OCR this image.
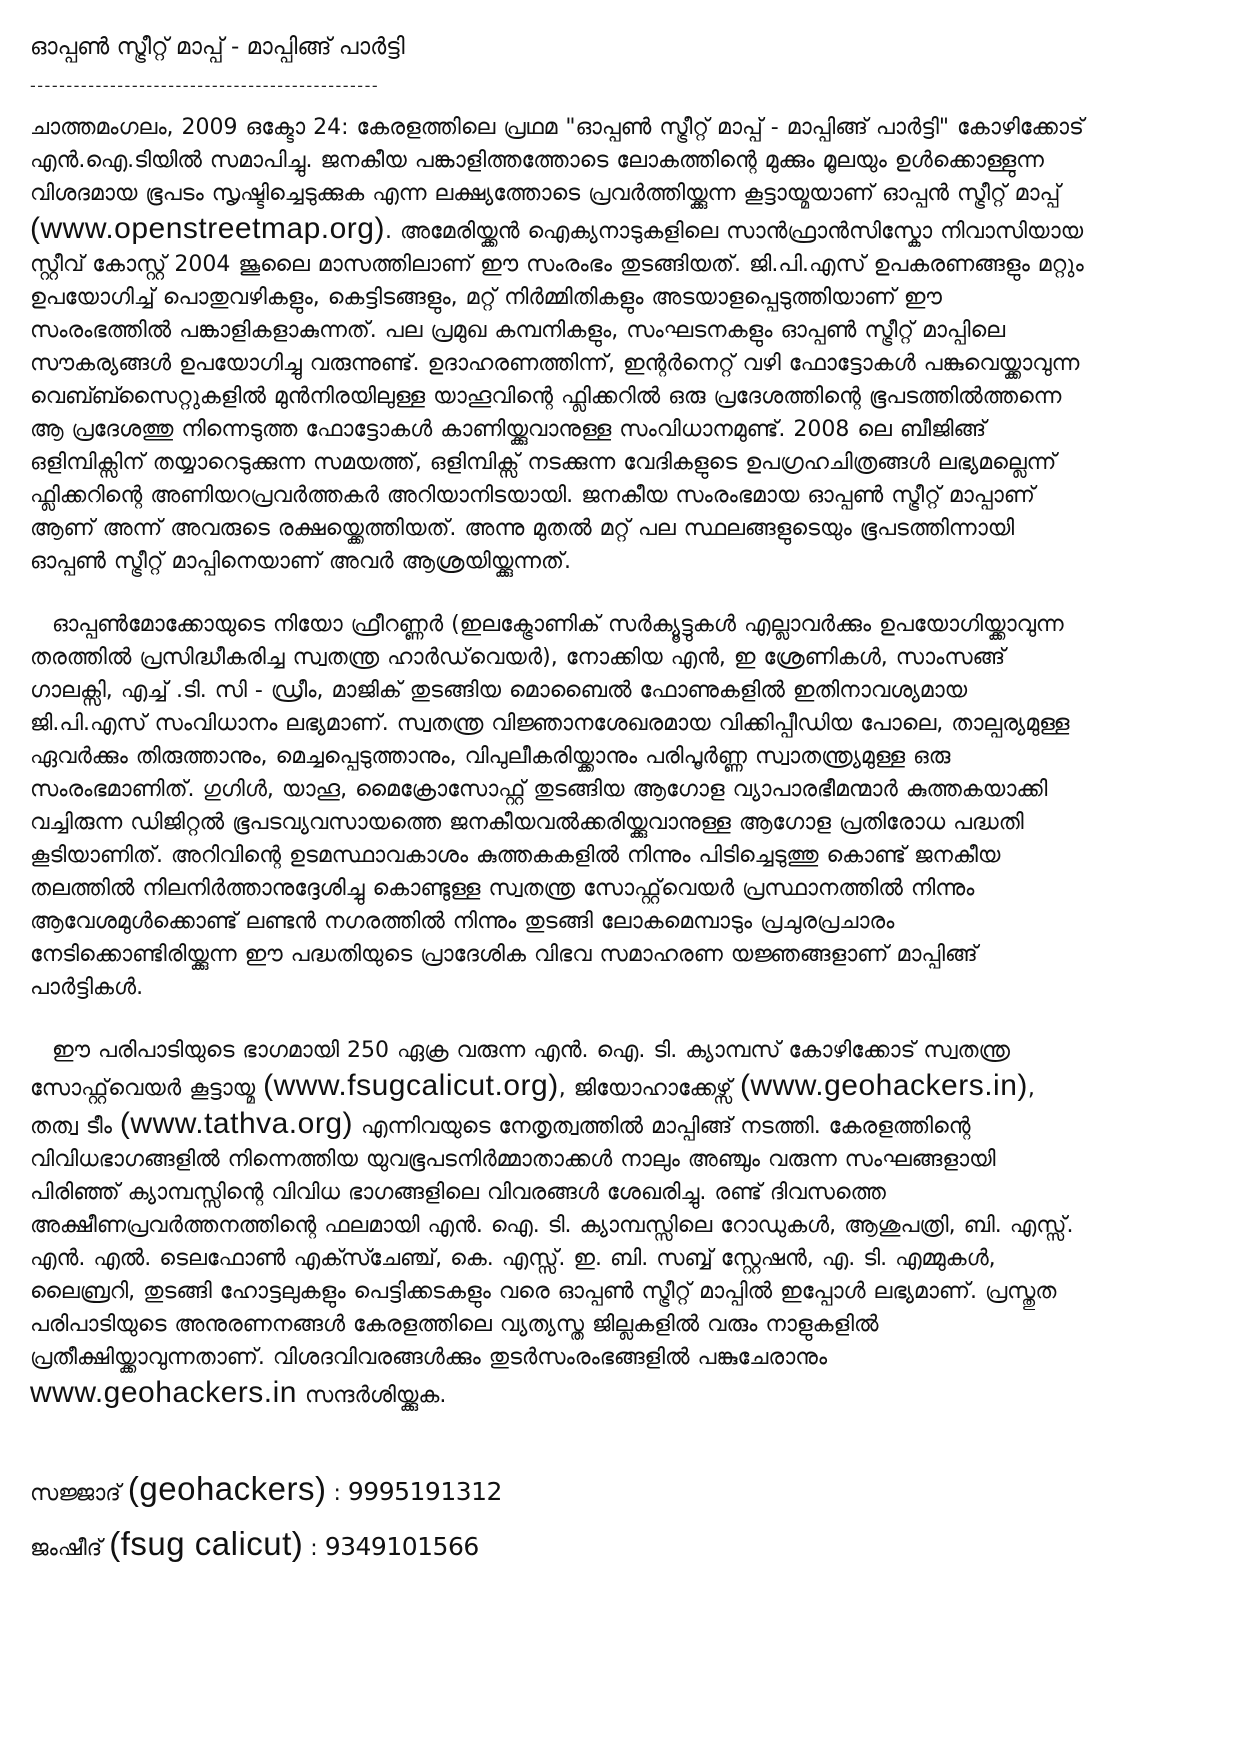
ഓപ്പൺ സ്ട്രീറ്റ് മാപ്പ് - മാപ്പിങ്ങ് പാർട്ടി
------------------------------------------------

ചാത്തമംഗലം, 2009 ഒക്ടോ 24: കേരളത്തിലെ പ്രഥമ "ഓപ്പൺ സ്ട്രീറ്റ് മാപ്പ് - മാപ്പിങ്ങ് പാർട്ടി" കോഴിക്കോട് എൻ.ഐ.ടിയിൽ സമാപിച്ചു. ജനകീയ പങ്കാളിത്തത്തോടെ ലോകത്തിന്റെ മുക്കും മൂലയും ഉൾക്കൊള്ളുന്ന വിശദമായ ഭൂപടം സൃഷ്ടിച്ചെടുക്കുക എന്ന ലക്ഷ്യത്തോടെ പ്രവർത്തിയ്ക്കുന്ന കൂട്ടായ്മയാണ് ഓപ്പൻ സ്ട്രീറ്റ് മാപ്പ് (www.openstreetmap.org). അമേരിയ്ക്കൻ ഐക്യനാടുകളിലെ സാൻഫ്രാൻസിസ്കോ നിവാസിയായ സ്റ്റീവ് കോസ്റ്റ് 2004 ജൂലൈ മാസത്തിലാണ് ഈ സംരംഭം തുടങ്ങിയത്. ജി.പി.എസ് ഉപകരണങ്ങളും മറ്റും ഉപയോഗിച്ച് പൊതുവഴികളും, കെട്ടിടങ്ങളും, മറ്റ് നിർമ്മിതികളും അടയാളപ്പെടുത്തിയാണ് ഈ സംരംഭത്തിൽ പങ്കാളികളാകുന്നത്. പല പ്രമുഖ കമ്പനികളും, സംഘടനകളും ഓപ്പൺ സ്ട്രീറ്റ് മാപ്പിലെ സൗകര്യങ്ങൾ ഉപയോഗിച്ചു വരുന്നുണ്ട്. ഉദാഹരണത്തിന്ന്, ഇന്റർനെറ്റ് വഴി ഫോട്ടോകൾ പങ്കുവെയ്ക്കാവുന്ന വെബ്ബ്സൈറ്റുകളിൽ മുൻനിരയിലുള്ള യാഹൂവിന്റെ ഫ്ലിക്കറിൽ ഒരു പ്രദേശത്തിന്റെ ഭൂപടത്തിൽത്തന്നെ ആ പ്രദേശത്തു നിന്നെടുത്ത ഫോട്ടോകൾ കാണിയ്ക്കുവാനുള്ള സംവിധാനമുണ്ട്. 2008 ലെ ബീജിങ്ങ് ഒളിമ്പിക്സിന് തയ്യാറെടുക്കുന്ന സമയത്ത്, ഒളിമ്പിക്സ് നടക്കുന്ന വേദികളുടെ ഉപഗ്രഹചിത്രങ്ങൾ ലഭ്യമല്ലെന്ന് ഫ്ലിക്കറിന്റെ അണിയറപ്രവർത്തകർ അറിയാനിടയായി. ജനകീയ സംരംഭമായ ഓപ്പൺ സ്ട്രീറ്റ് മാപ്പാണ് ആണ് അന്ന് അവരുടെ രക്ഷയ്ക്കെത്തിയത്. അന്നു മുതൽ മറ്റ് പല സ്ഥലങ്ങളുടെയും ഭൂപടത്തിന്നായി ഓപ്പൺ സ്ട്രീറ്റ് മാപ്പിനെയാണ് അവർ ആശ്രയിയ്ക്കുന്നത്.

ഓപ്പൺമോക്കോയുടെ നിയോ ഫ്രീറണ്ണർ (ഇലക്ട്രോണിക് സർക്യൂട്ടുകൾ എല്ലാവർക്കും ഉപയോഗിയ്ക്കാവുന്ന തരത്തിൽ പ്രസിദ്ധീകരിച്ച സ്വതന്ത്ര ഹാർഡ്‌വെയർ), നോക്കിയ എൻ, ഇ ശ്രേണികൾ, സാംസങ്ങ് ഗാലക്സി, എച്ച് .ടി. സി - ഡ്രീം, മാജിക് തുടങ്ങിയ മൊബൈൽ ഫോണുകളിൽ ഇതിനാവശ്യമായ ജി.പി.എസ് സംവിധാനം ലഭ്യമാണ്. സ്വതന്ത്ര വിജ്ഞാനശേഖരമായ വിക്കിപ്പീഡിയ പോലെ, താല്പര്യമുള്ള ഏവർക്കും തിരുത്താനും, മെച്ചപ്പെടുത്താനും, വിപുലീകരിയ്ക്കാനും പരിപൂർണ്ണ സ്വാതന്ത്ര്യമുള്ള ഒരു സംരംഭമാണിത്. ഗുഗിൾ, യാഹൂ, മൈക്രോസോഫ്റ്റ് തുടങ്ങിയ ആഗോള വ്യാപാരഭീമന്മാർ കുത്തകയാക്കി വച്ചിരുന്ന ഡിജിറ്റൽ ഭൂപടവ്യവസായത്തെ ജനകീയവൽക്കരിയ്ക്കുവാനുള്ള ആഗോള പ്രതിരോധ പദ്ധതി കൂടിയാണിത്. അറിവിന്റെ ഉടമസ്ഥാവകാശം കുത്തകകളിൽ നിന്നും പിടിച്ചെടുത്തു കൊണ്ട് ജനകീയ തലത്തിൽ നിലനിർത്താനുദ്ദേശിച്ചു കൊണ്ടുള്ള സ്വതന്ത്ര സോഫ്റ്റ്‌വെയർ പ്രസ്ഥാനത്തിൽ നിന്നും ആവേശമുൾക്കൊണ്ട് ലണ്ടൻ നഗരത്തിൽ നിന്നും തുടങ്ങി ലോകമെമ്പാടും പ്രചുരപ്രചാരം നേടിക്കൊണ്ടിരിയ്ക്കുന്ന ഈ പദ്ധതിയുടെ പ്രാദേശിക വിഭവ സമാഹരണ യജ്ഞങ്ങളാണ് മാപ്പിങ്ങ് പാർട്ടികൾ.

ഈ പരിപാടിയുടെ ഭാഗമായി 250 ഏക്ര വരുന്ന എൻ. ഐ. ടി. ക്യാമ്പസ് കോഴിക്കോട് സ്വതന്ത്ര സോഫ്റ്റ്‌വെയർ കൂട്ടായ്മ (www.fsugcalicut.org), ജിയോഹാക്കേഴ്സ് (www.geohackers.in), തത്വ ടീം (www.tathva.org) എന്നിവയുടെ നേതൃത്വത്തിൽ മാപ്പിങ്ങ് നടത്തി. കേരളത്തിന്റെ വിവിധഭാഗങ്ങളിൽ നിന്നെത്തിയ യുവഭൂപടനിർമ്മാതാക്കൾ നാലും അഞ്ചും വരുന്ന സംഘങ്ങളായി പിരിഞ്ഞ് ക്യാമ്പസ്സിന്റെ വിവിധ ഭാഗങ്ങളിലെ വിവരങ്ങൾ ശേഖരിച്ചു. രണ്ട് ദിവസത്തെ അക്ഷീണപ്രവർത്തനത്തിന്റെ ഫലമായി എൻ. ഐ. ടി. ക്യാമ്പസ്സിലെ റോഡുകൾ, ആശുപത്രി, ബി. എസ്സ്. എൻ. എൽ. ടെലഫോൺ എക്സ്ചേഞ്ച്, കെ. എസ്സ്. ഇ. ബി. സബ്ബ് സ്റ്റേഷൻ, എ. ടി. എമ്മുകൾ, ലൈബ്രറി, തുടങ്ങി ഹോട്ടലുകളും പെട്ടിക്കടകളും വരെ ഓപ്പൺ സ്ട്രീറ്റ് മാപ്പിൽ ഇപ്പോൾ ലഭ്യമാണ്. പ്രസ്തുത പരിപാടിയുടെ അനുരണനങ്ങൾ കേരളത്തിലെ വ്യത്യസ്ത ജില്ലകളിൽ വരും നാളുകളിൽ പ്രതീക്ഷിയ്ക്കാവുന്നതാണ്. വിശദവിവരങ്ങൾക്കും തുടർസംരംഭങ്ങളിൽ പങ്കുചേരാനും www.geohackers.in സന്ദർശിയ്ക്കുക.

സജ്ജാദ് (geohackers) : 9995191312

ജംഷീദ് (fsug calicut) : 9349101566
